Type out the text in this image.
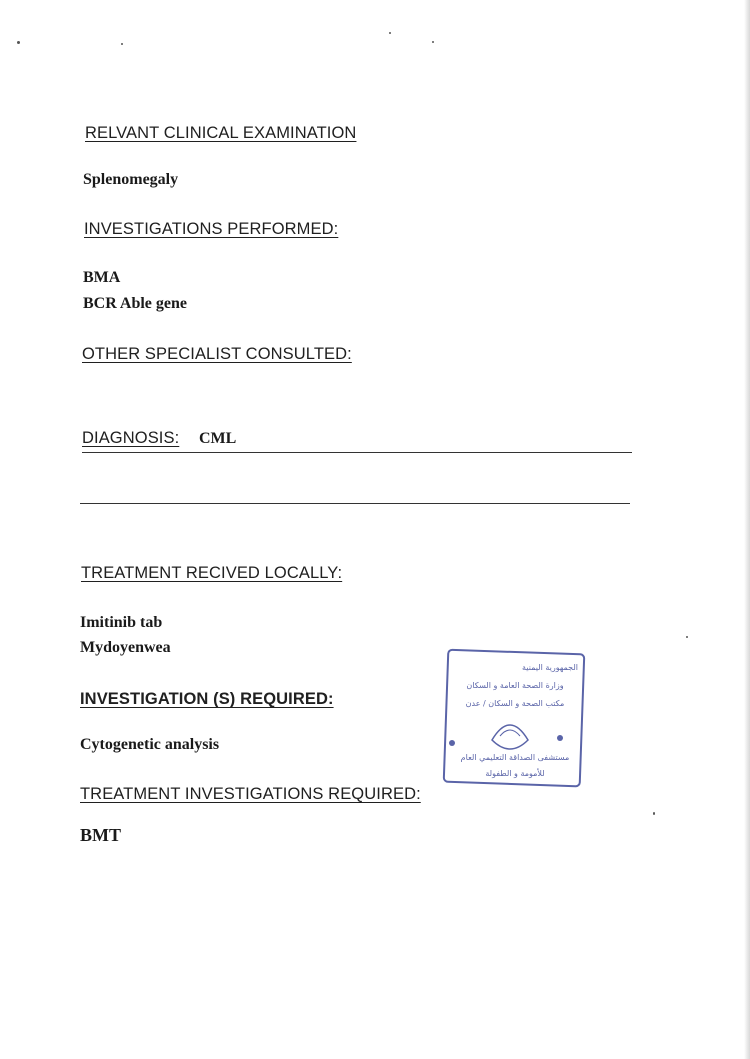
RELVANT CLINICAL EXAMINATION
Splenomegaly
INVESTIGATIONS PERFORMED:
BMA
BCR Able gene
OTHER SPECIALIST CONSULTED:
DIAGNOSIS: CML
TREATMENT RECIVED LOCALLY:
Imitinib tab
Mydoyenwea
INVESTIGATION (S) REQUIRED:
Cytogenetic analysis
TREATMENT INVESTIGATIONS REQUIRED:
BMT
الجمهورية اليمنية
وزارة الصحة العامة و السكان
مكتب الصحة و السكان / عدن
مستشفى الصداقة التعليمي العام
للأمومة و الطفولة
